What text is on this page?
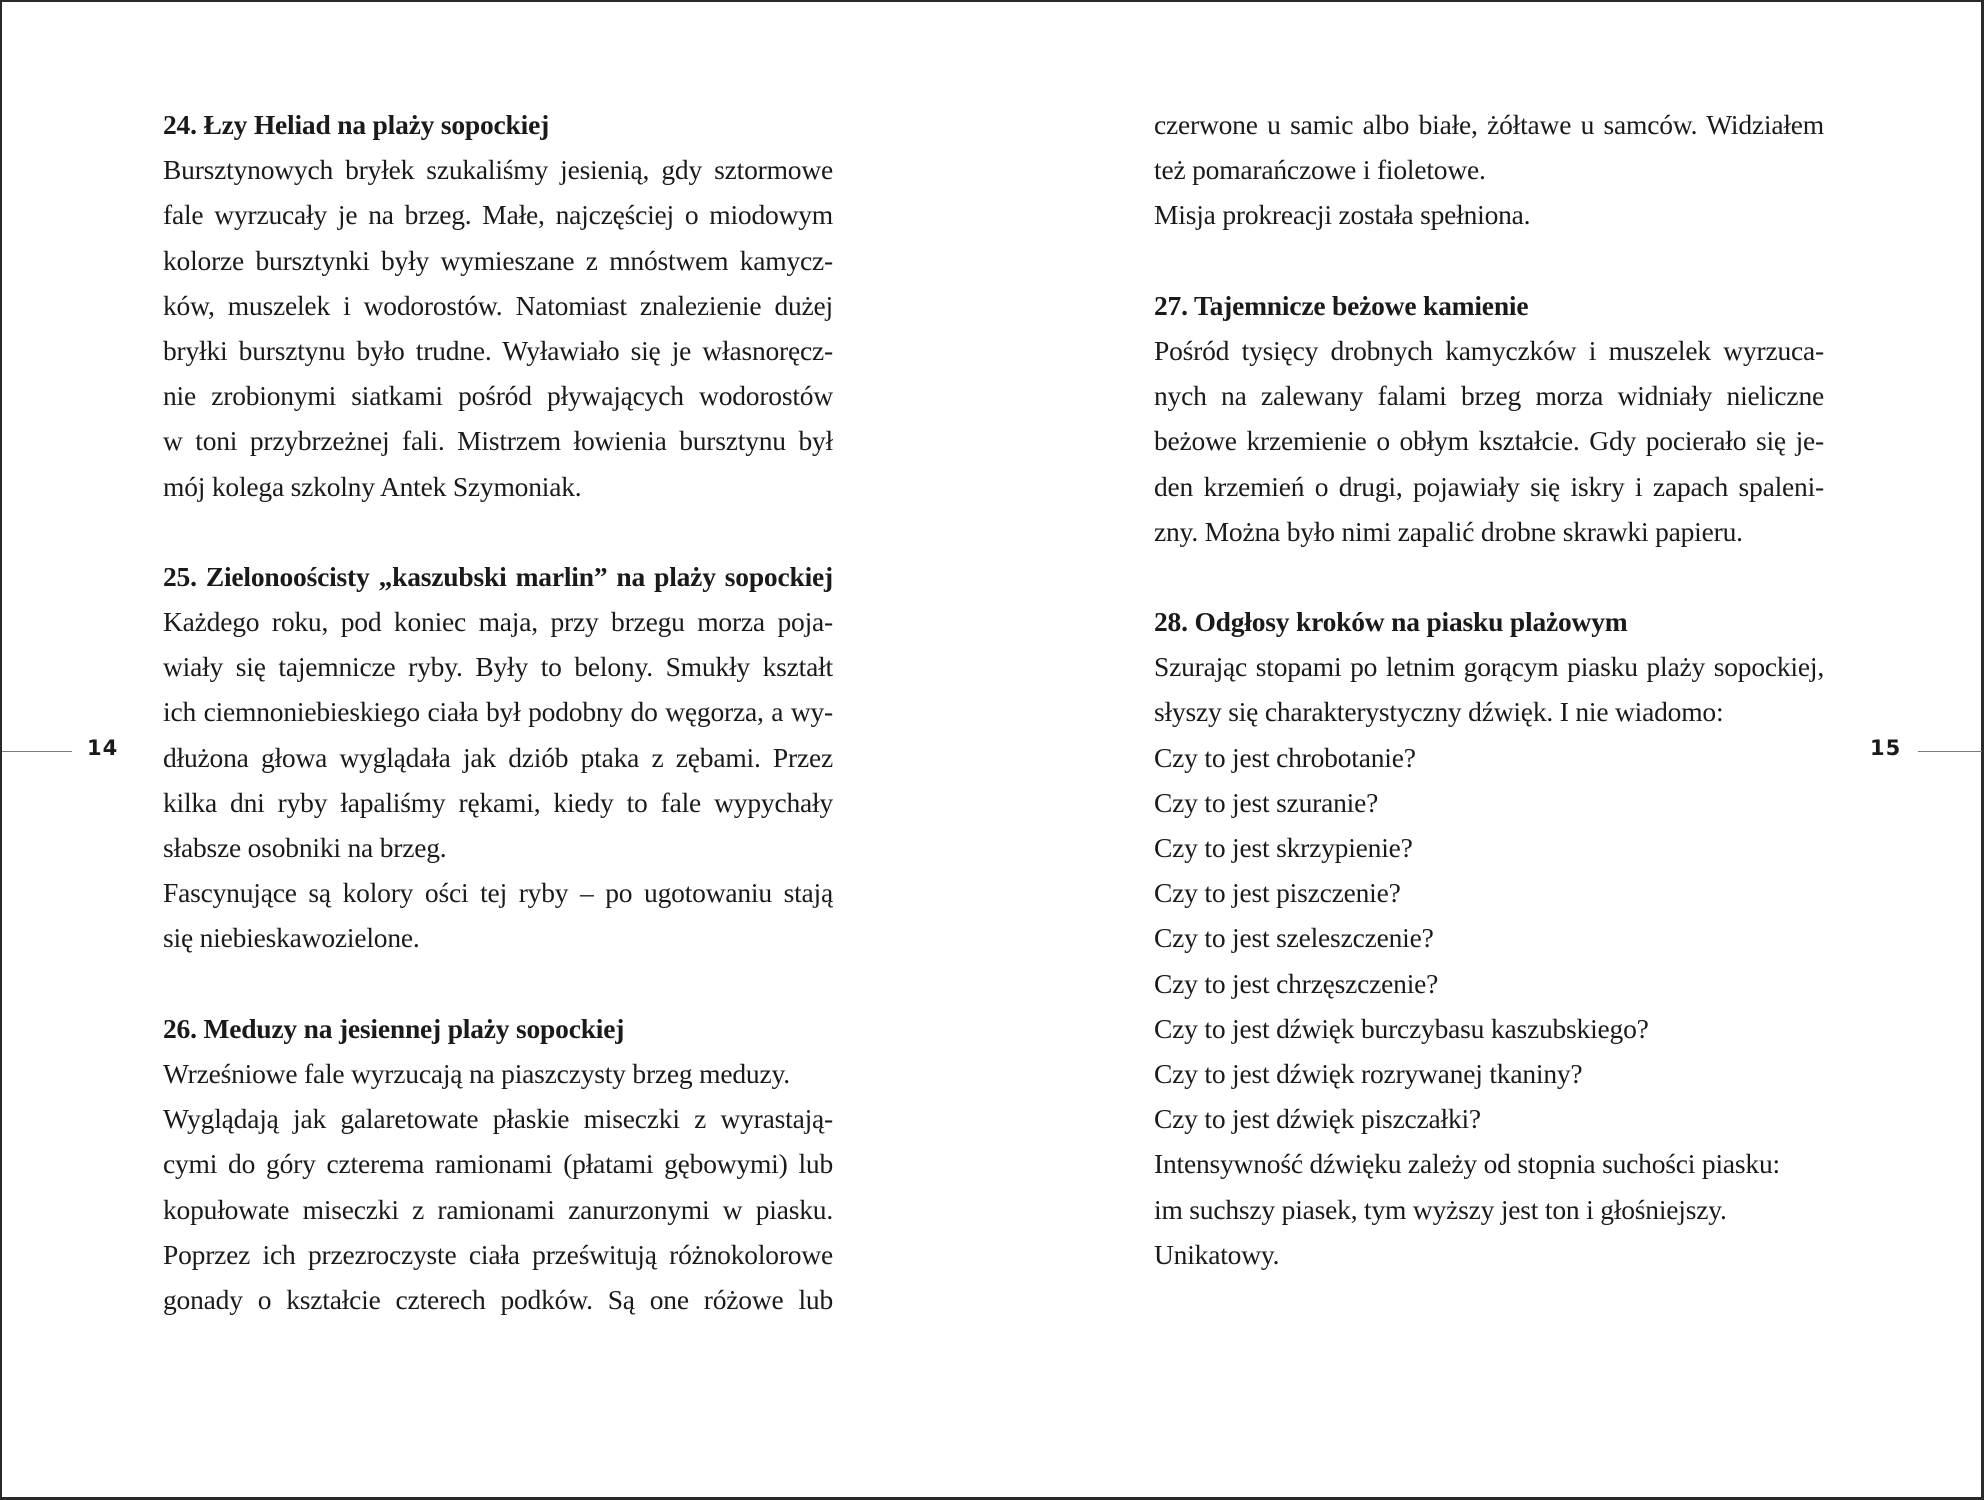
14
24. Łzy Heliad na plaży sopockiej
Bursztynowych bryłek szukaliśmy jesienią, gdy sztormowe
fale wyrzucały je na brzeg. Małe, najczęściej o miodowym
kolorze bursztynki były wymieszane z mnóstwem kamycz-
ków, muszelek i wodorostów. Natomiast znalezienie dużej
bryłki bursztynu było trudne. Wyławiało się je własnoręcz-
nie zrobionymi siatkami pośród pływających wodorostów
w toni przybrzeżnej fali. Mistrzem łowienia bursztynu był
mój kolega szkolny Antek Szymoniak.
25. Zielonoościsty „kaszubski marlin” na plaży sopockiej
Każdego roku, pod koniec maja, przy brzegu morza poja-
wiały się tajemnicze ryby. Były to belony. Smukły kształt
ich ciemnoniebieskiego ciała był podobny do węgorza, a wy-
dłużona głowa wyglądała jak dziób ptaka z zębami. Przez
kilka dni ryby łapaliśmy rękami, kiedy to fale wypychały
słabsze osobniki na brzeg.
Fascynujące są kolory ości tej ryby – po ugotowaniu stają
się niebieskawozielone.
26. Meduzy na jesiennej plaży sopockiej
Wrześniowe fale wyrzucają na piaszczysty brzeg meduzy.
Wyglądają jak galaretowate płaskie miseczki z wyrastają-
cymi do góry czterema ramionami (płatami gębowymi) lub
kopułowate miseczki z ramionami zanurzonymi w piasku.
Poprzez ich przezroczyste ciała prześwitują różnokolorowe
gonady o kształcie czterech podków. Są one różowe lub
czerwone u samic albo białe, żółtawe u samców. Widziałem
też pomarańczowe i fioletowe.
Misja prokreacji została spełniona.
27. Tajemnicze beżowe kamienie
Pośród tysięcy drobnych kamyczków i muszelek wyrzuca-
nych na zalewany falami brzeg morza widniały nieliczne
beżowe krzemienie o obłym kształcie. Gdy pocierało się je-
den krzemień o drugi, pojawiały się iskry i zapach spaleni-
zny. Można było nimi zapalić drobne skrawki papieru.
28. Odgłosy kroków na piasku plażowym
Szurając stopami po letnim gorącym piasku plaży sopockiej,
słyszy się charakterystyczny dźwięk. I nie wiadomo:
Czy to jest chrobotanie?
Czy to jest szuranie?
Czy to jest skrzypienie?
Czy to jest piszczenie?
Czy to jest szeleszczenie?
Czy to jest chrzęszczenie?
Czy to jest dźwięk burczybasu kaszubskiego?
Czy to jest dźwięk rozrywanej tkaniny?
Czy to jest dźwięk piszczałki?
Intensywność dźwięku zależy od stopnia suchości piasku:
im suchszy piasek, tym wyższy jest ton i głośniejszy.
Unikatowy.
15
